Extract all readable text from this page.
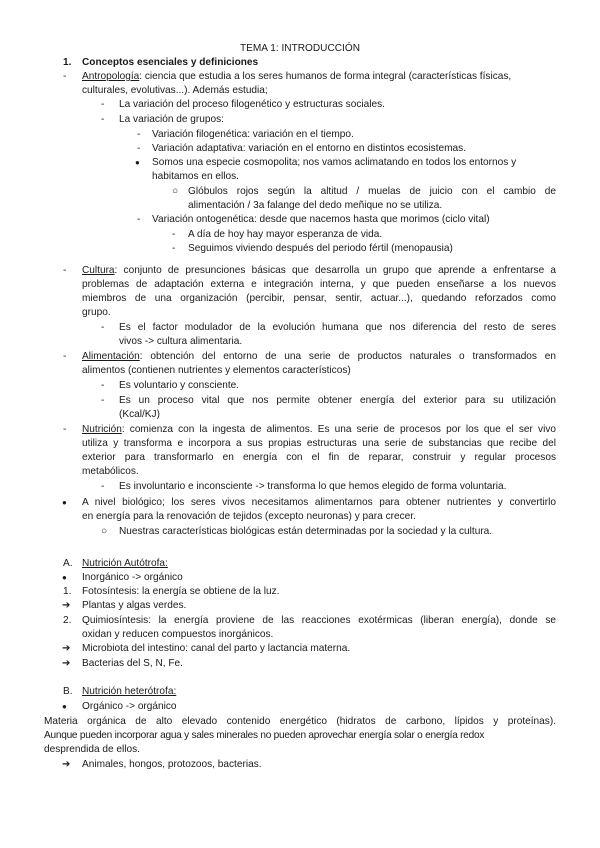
TEMA 1: INTRODUCCIÓN
1. Conceptos esenciales y definiciones
- Antropología: ciencia que estudia a los seres humanos de forma integral (características físicas,
culturales, evolutivas...). Además estudia;
- La variación del proceso filogenético y estructuras sociales.
- La variación de grupos:
- Variación filogenética: variación en el tiempo.
- Variación adaptativa: variación en el entorno en distintos ecosistemas.
● Somos una especie cosmopolita; nos vamos aclimatando en todos los entornos y
habitamos en ellos.
○ Glóbulos rojos según la altitud / muelas de juicio con el cambio de
alimentación / 3a falange del dedo meñique no se utiliza.
- Variación ontogenética: desde que nacemos hasta que morimos (ciclo vital)
- A día de hoy hay mayor esperanza de vida.
- Seguimos viviendo después del periodo fértil (menopausia)
- Cultura: conjunto de presunciones básicas que desarrolla un grupo que aprende a enfrentarse a
problemas de adaptación externa e integración interna, y que pueden enseñarse a los nuevos
miembros de una organización (percibir, pensar, sentir, actuar...), quedando reforzados como
grupo.
- Es el factor modulador de la evolución humana que nos diferencia del resto de seres
vivos -> cultura alimentaria.
- Alimentación: obtención del entorno de una serie de productos naturales o transformados en
alimentos (contienen nutrientes y elementos característicos)
- Es voluntario y consciente.
- Es un proceso vital que nos permite obtener energía del exterior para su utilización
(Kcal/KJ)
- Nutrición: comienza con la ingesta de alimentos. Es una serie de procesos por los que el ser vivo
utiliza y transforma e incorpora a sus propias estructuras una serie de substancias que recibe del
exterior para transformarlo en energía con el fin de reparar, construir y regular procesos
metabólicos.
- Es involuntario e inconsciente -> transforma lo que hemos elegido de forma voluntaria.
● A nivel biológico; los seres vivos necesitamos alimentarnos para obtener nutrientes y convertirlo
en energía para la renovación de tejidos (excepto neuronas) y para crecer.
○ Nuestras características biológicas están determinadas por la sociedad y la cultura.
A. Nutrición Autótrofa:
● Inorgánico -> orgánico
1. Fotosíntesis: la energía se obtiene de la luz.
➔ Plantas y algas verdes.
2. Quimiosíntesis: la energía proviene de las reacciones exotérmicas (liberan energía), donde se
oxidan y reducen compuestos inorgánicos.
➔ Microbiota del intestino: canal del parto y lactancia materna.
➔ Bacterias del S, N, Fe.
B. Nutrición heterótrofa:
● Orgánico -> orgánico
Materia orgánica de alto elevado contenido energético (hidratos de carbono, lípidos y proteínas).
Aunque pueden incorporar agua y sales minerales no pueden aprovechar energía solar o energía redox
desprendida de ellos.
➔ Animales, hongos, protozoos, bacterias.
